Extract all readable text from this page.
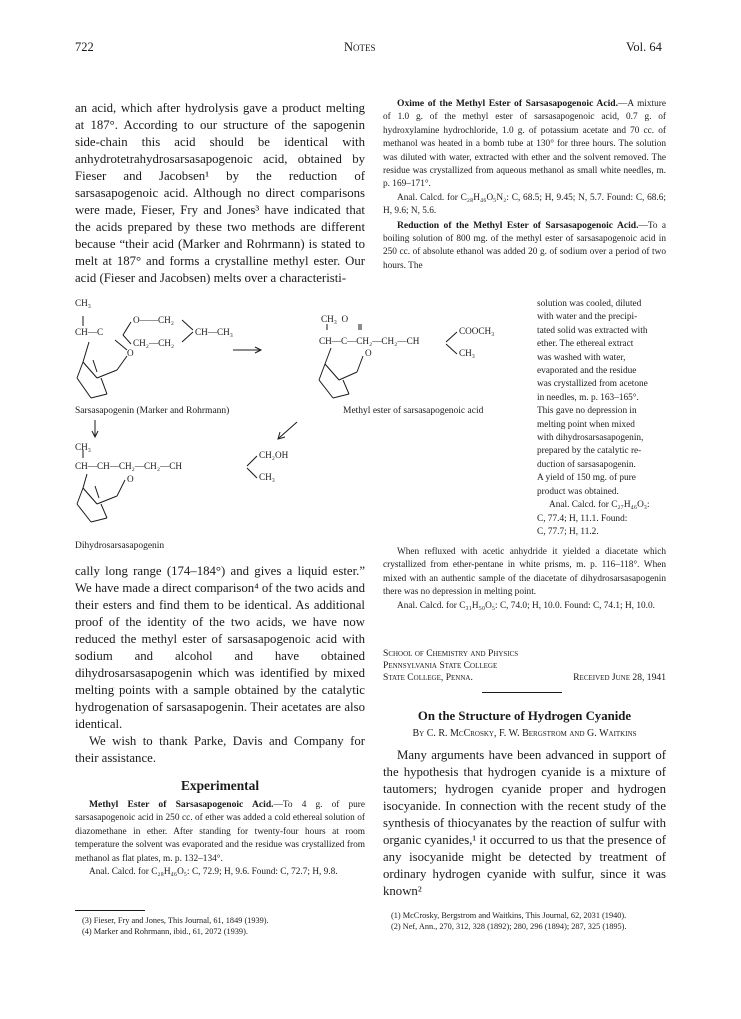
722	Notes	Vol. 64

an acid, which after hydrolysis gave a product melting at 187°. According to our structure of the sapogenin side-chain this acid should be identical with anhydrotetrahydrosarsasapogenoic acid, obtained by Fieser and Jacobsen¹ by the reduction of sarsasapogenoic acid. Although no direct comparisons were made, Fieser, Fry and Jones³ have indicated that the acids prepared by these two methods are different because “their acid (Marker and Rohrmann) is stated to melt at 187° and forms a crystalline methyl ester. Our acid (Fieser and Jacobsen) melts over a characteristi-

Oxime of the Methyl Ester of Sarsasapogenoic Acid.—A mixture of 1.0 g. of the methyl ester of sarsasapogenoic acid, 0.7 g. of hydroxylamine hydrochloride, 1.0 g. of potassium acetate and 70 cc. of methanol was heated in a bomb tube at 130° for three hours. The solution was diluted with water, extracted with ether and the solvent removed. The residue was crystallized from aqueous methanol as small white needles, m. p. 169–171°.

Anal. Calcd. for C₂₈H₄₆O₅N₂: C, 68.5; H, 9.45; N, 5.7. Found: C, 68.6; H, 9.6; N, 5.6.

Reduction of the Methyl Ester of Sarsasapogenoic Acid.—To a boiling solution of 800 mg. of the methyl ester of sarsasapogenoic acid in 250 cc. of absolute ethanol was added 20 g. of sodium over a period of two hours. The

solution was cooled, diluted
with water and the precipi-
tated solid was extracted with
ether. The ethereal extract
was washed with water,
evaporated and the residue
was crystallized from acetone
in needles, m. p. 163–165°.
This gave no depression in
melting point when mixed
with dihydrosarsasapogenin,
prepared by the catalytic re-
duction of sarsasapogenin.
A yield of 150 mg. of pure
product was obtained.
Anal. Calcd. for C₂₇H₄₆O₃:
C, 77.4; H, 11.1. Found:
C, 77.7; H, 11.2.
CH₃
CH—C
O——CH₂
CH—CH₃
CH₂—CH₂
O
CH₃  O
CH—C—CH₂—CH₂—CH
COOCH₃
CH₃
O
Sarsasapogenin (Marker and Rohrmann)	Methyl ester of sarsasapogenoic acid
CH₃
CH—CH—CH₂—CH₂—CH
CH₂OH
CH₃
O
Dihydrosarsasapogenin

cally long range (174–184°) and gives a liquid ester.” We have made a direct comparison⁴ of the two acids and their esters and find them to be identical. As additional proof of the identity of the two acids, we have now reduced the methyl ester of sarsasapogenoic acid with sodium and alcohol and have obtained dihydrosarsasapogenin which was identified by mixed melting points with a sample obtained by the catalytic hydrogenation of sarsasapogenin. Their acetates are also identical.

We wish to thank Parke, Davis and Company for their assistance.

Experimental

Methyl Ester of Sarsasapogenoic Acid.—To 4 g. of pure sarsasapogenoic acid in 250 cc. of ether was added a cold ethereal solution of diazomethane in ether. After standing for twenty-four hours at room temperature the solvent was evaporated and the residue was crystallized from methanol as flat plates, m. p. 132–134°.

Anal. Calcd. for C₂₈H₄₆O₅: C, 72.9; H, 9.6. Found: C, 72.7; H, 9.8.

(3) Fieser, Fry and Jones, This Journal, 61, 1849 (1939).
(4) Marker and Rohrmann, ibid., 61, 2072 (1939).

When refluxed with acetic anhydride it yielded a diacetate which crystallized from ether-pentane in white prisms, m. p. 116–118°. When mixed with an authentic sample of the diacetate of dihydrosarsasapogenin there was no depression in melting point.

Anal. Calcd. for C₃₁H₅₀O₅: C, 74.0; H, 10.0. Found: C, 74.1; H, 10.0.

School of Chemistry and Physics
Pennsylvania State College
State College, Penna.	Received June 28, 1941
On the Structure of Hydrogen Cyanide
By C. R. McCrosky, F. W. Bergstrom and G. Waitkins

Many arguments have been advanced in support of the hypothesis that hydrogen cyanide is a mixture of tautomers; hydrogen cyanide proper and hydrogen isocyanide. In connection with the recent study of the synthesis of thiocyanates by the reaction of sulfur with organic cyanides,¹ it occurred to us that the presence of any isocyanide might be detected by treatment of ordinary hydrogen cyanide with sulfur, since it was known²

(1) McCrosky, Bergstrom and Waitkins, This Journal, 62, 2031 (1940).
(2) Nef, Ann., 270, 312, 328 (1892); 280, 296 (1894); 287, 325 (1895).
